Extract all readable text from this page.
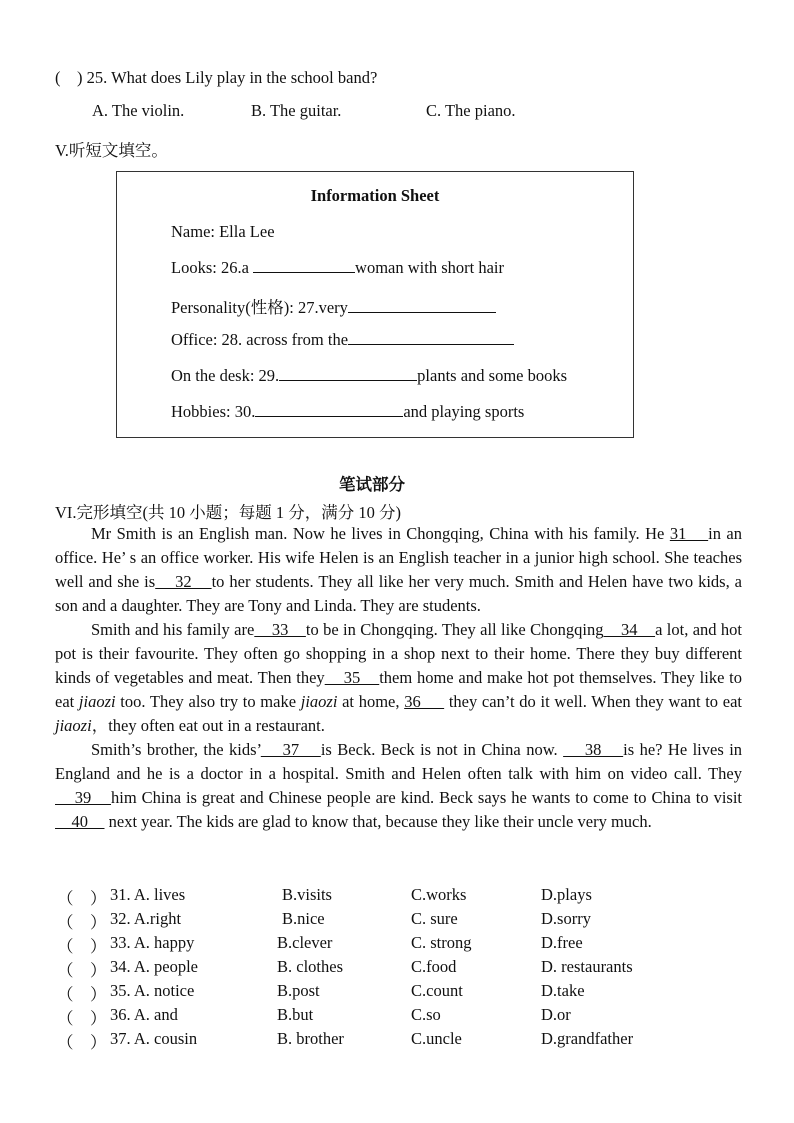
(　) 25. What does Lily play in the school band?
A. The violin.	B. The guitar.	C. The piano.
V.听短文填空。
Information Sheet
Name: Ella Lee
Looks: 26.a	woman with short hair
Personality(性格): 27.very
Office: 28. across from the
On the desk: 29.	plants and some books
Hobbies: 30.	and playing sports
笔试部分
VI.完形填空(共 10 小题；每题 1 分，满分 10 分)

Mr Smith is an English man. Now he lives in Chongqing, China with his family. He 31    in an office. He’ s an office worker. His wife Helen is an English teacher in a junior high school. She teaches well and she is    32    to her students. They all like her very much. Smith and Helen have two kids, a son and a daughter. They are Tony and Linda. They are students.

Smith and his family are    33    to be in Chongqing. They all like Chongqing    34    a lot, and hot pot is their favourite. They often go shopping in a shop next to their home. There they buy different kinds of vegetables and meat. Then they    35    them home and make hot pot themselves. They like to eat jiaozi too. They also try to make jiaozi at home, 36      they can’t do it well. When they want to eat jiaozi，they often eat out in a restaurant.

Smith’s brother, the kids’    37    is Beck. Beck is not in China now.     38    is he? He lives in England and he is a doctor in a hospital. Smith and Helen often talk with him on video call. They    39    him China is great and Chinese people are kind. Beck says he wants to come to China to visit    40     next year. The kids are glad to know that, because they like their uncle very much.

（　） 31. A. lives	B.visits	C.works	D.plays
（　） 32. A.right	B.nice	C. sure	D.sorry
（　） 33. A. happy	B.clever	C. strong	D.free
（　） 34. A. people	B. clothes	C.food	D. restaurants
（　） 35. A. notice	B.post	C.count	D.take
（　） 36. A. and	B.but	C.so	D.or
（　） 37. A. cousin	B. brother	C.uncle	D.grandfather
